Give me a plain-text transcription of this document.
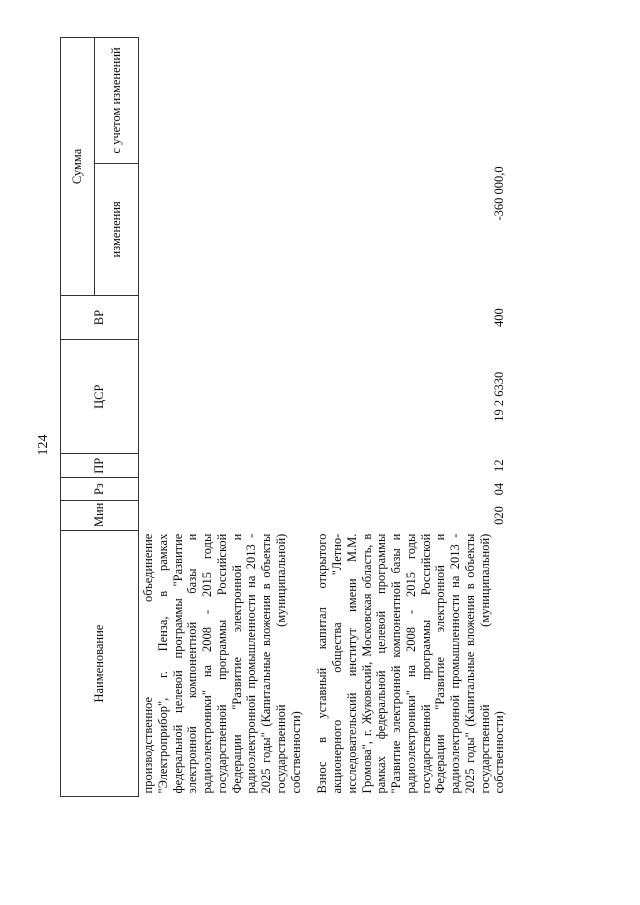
124
Наименование	Мин	Рз	ПР	ЦСР	ВР	Сумма	
						изменения	с учетом изменений
производственное объединение "Электроприбор", г. Пенза, в рамках федеральной целевой программы "Развитие электронной компонентной базы и радиоэлектроники" на 2008 - 2015 годы государственной программы Российской Федерации "Развитие электронной и радиоэлектронной промышленности на 2013 - 2025 годы" (Капитальные вложения в объекты государственной (муниципальной) собственности)							
Взнос в уставный капитал открытого акционерного общества "Летно-исследовательский институт имени М.М. Громова", г. Жуковский, Московская область, в рамках федеральной целевой программы "Развитие электронной компонентной базы и радиоэлектроники" на 2008 - 2015 годы государственной программы Российской Федерации "Развитие электронной и радиоэлектронной промышленности на 2013 - 2025 годы" (Капитальные вложения в объекты государственной (муниципальной) собственности)	020	04	12	19 2 6330	400	-360 000,0	
